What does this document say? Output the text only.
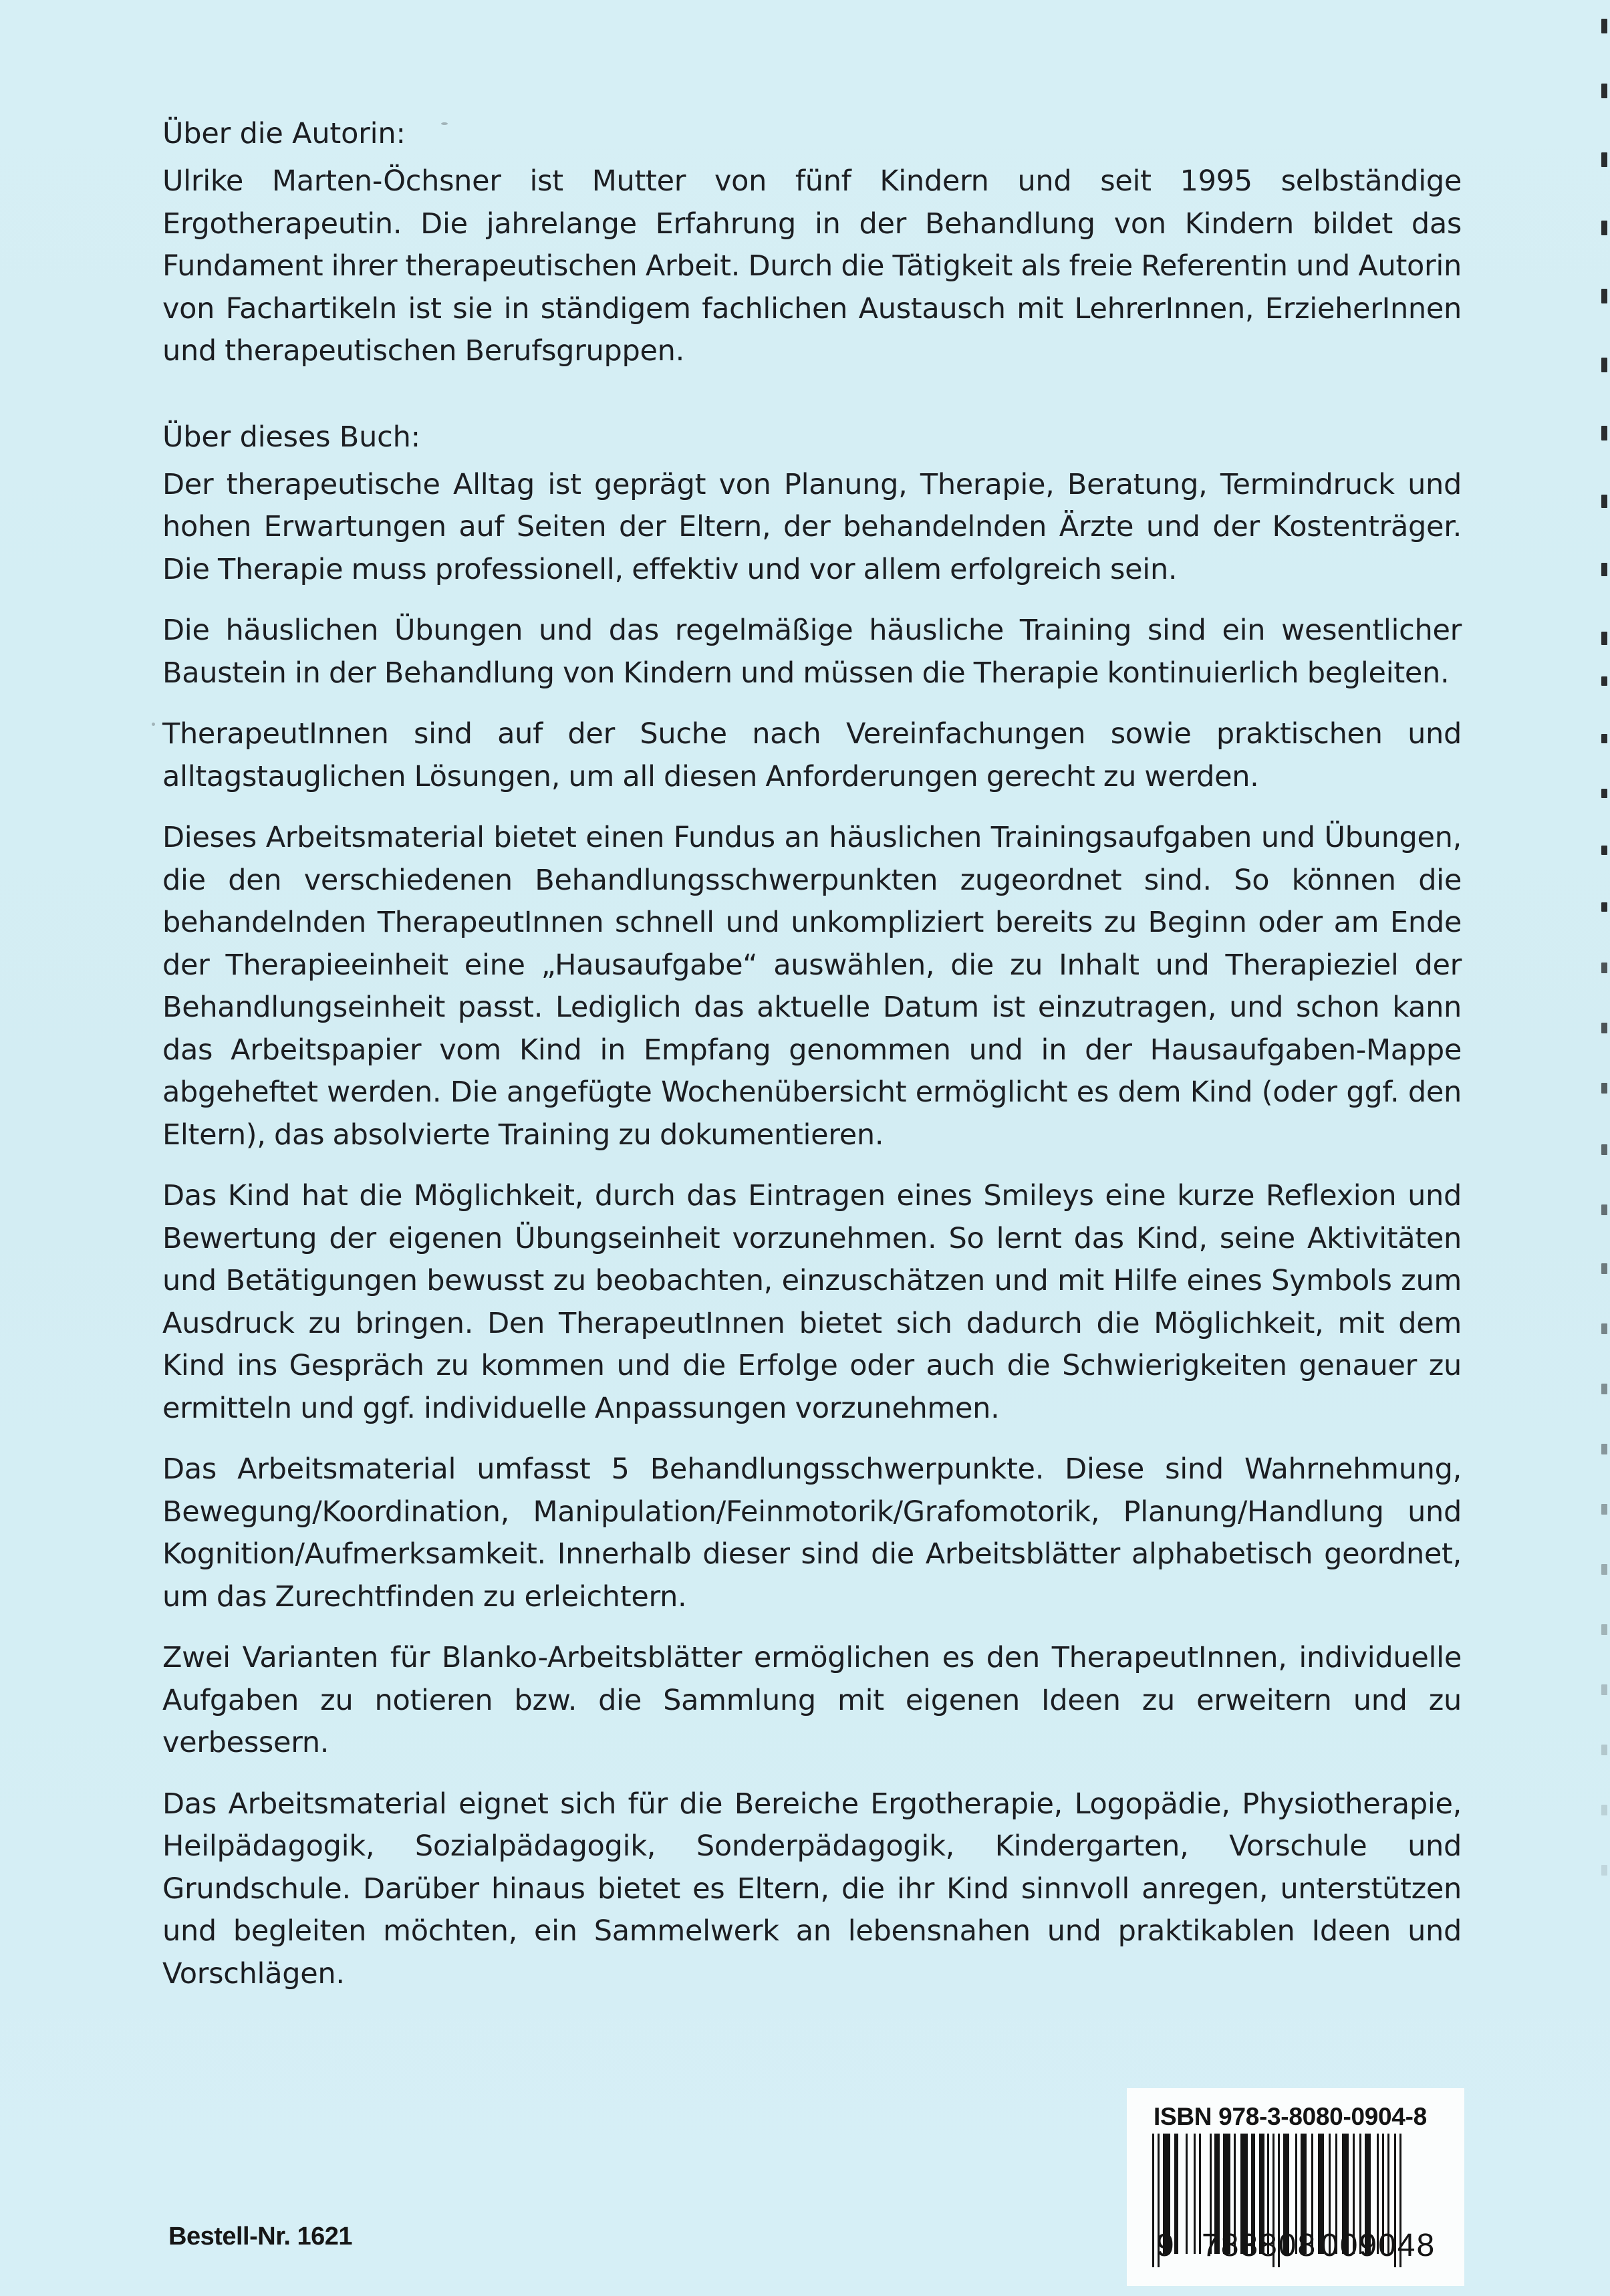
Über die Autorin:

Ulrike Marten-Öchsner ist Mutter von fünf Kindern und seit 1995 selbständige Ergotherapeutin. Die jahrelange Erfahrung in der Behandlung von Kindern bildet das Fundament ihrer therapeutischen Arbeit. Durch die Tätigkeit als freie Referentin und Autorin von Fachartikeln ist sie in ständigem fachlichen Austausch mit LehrerInnen, ErzieherInnen und therapeutischen Berufsgruppen.

Über dieses Buch:

Der therapeutische Alltag ist geprägt von Planung, Therapie, Beratung, Termindruck und hohen Erwartungen auf Seiten der Eltern, der behandelnden Ärzte und der Kostenträger. Die Therapie muss professionell, effektiv und vor allem erfolgreich sein.

Die häuslichen Übungen und das regelmäßige häusliche Training sind ein wesentlicher Baustein in der Behandlung von Kindern und müssen die Therapie kontinuierlich begleiten.

TherapeutInnen sind auf der Suche nach Vereinfachungen sowie praktischen und alltagstauglichen Lösungen, um all diesen Anforderungen gerecht zu werden.

Dieses Arbeitsmaterial bietet einen Fundus an häuslichen Trainingsaufgaben und Übungen, die den verschiedenen Behandlungsschwerpunkten zugeordnet sind. So können die behandelnden TherapeutInnen schnell und unkompliziert bereits zu Beginn oder am Ende der Therapieeinheit eine „Hausaufgabe“ auswählen, die zu Inhalt und Therapieziel der Behandlungseinheit passt. Lediglich das aktuelle Datum ist einzutragen, und schon kann das Arbeitspapier vom Kind in Empfang genommen und in der Hausaufgaben-Mappe abgeheftet werden. Die angefügte Wochenübersicht ermöglicht es dem Kind (oder ggf. den Eltern), das absolvierte Training zu dokumentieren.

Das Kind hat die Möglichkeit, durch das Eintragen eines Smileys eine kurze Reflexion und Bewertung der eigenen Übungseinheit vorzunehmen. So lernt das Kind, seine Aktivitäten und Betätigungen bewusst zu beobachten, einzuschätzen und mit Hilfe eines Symbols zum Ausdruck zu bringen. Den TherapeutInnen bietet sich dadurch die Möglichkeit, mit dem Kind ins Gespräch zu kommen und die Erfolge oder auch die Schwierigkeiten genauer zu ermitteln und ggf. individuelle Anpassungen vorzunehmen.

Das Arbeitsmaterial umfasst 5 Behandlungsschwerpunkte. Diese sind Wahrnehmung, Bewegung/Koordination, Manipulation/Feinmotorik/Grafomotorik, Planung/Handlung und Kognition/Aufmerksamkeit. Innerhalb dieser sind die Arbeitsblätter alphabetisch geordnet, um das Zurechtfinden zu erleichtern.

Zwei Varianten für Blanko-Arbeitsblätter ermöglichen es den TherapeutInnen, individuelle Aufgaben zu notieren bzw. die Sammlung mit eigenen Ideen zu erweitern und zu verbessern.

Das Arbeitsmaterial eignet sich für die Bereiche Ergotherapie, Logopädie, Physiotherapie, Heilpädagogik, Sozialpädagogik, Sonderpädagogik, Kindergarten, Vorschule und Grundschule. Darüber hinaus bietet es Eltern, die ihr Kind sinnvoll anregen, unterstützen und begleiten möchten, ein Sammelwerk an lebensnahen und praktikablen Ideen und Vorschlägen.

Bestell-Nr. 1621
ISBN 978-3-8080-0904-8
9 783808 009048
